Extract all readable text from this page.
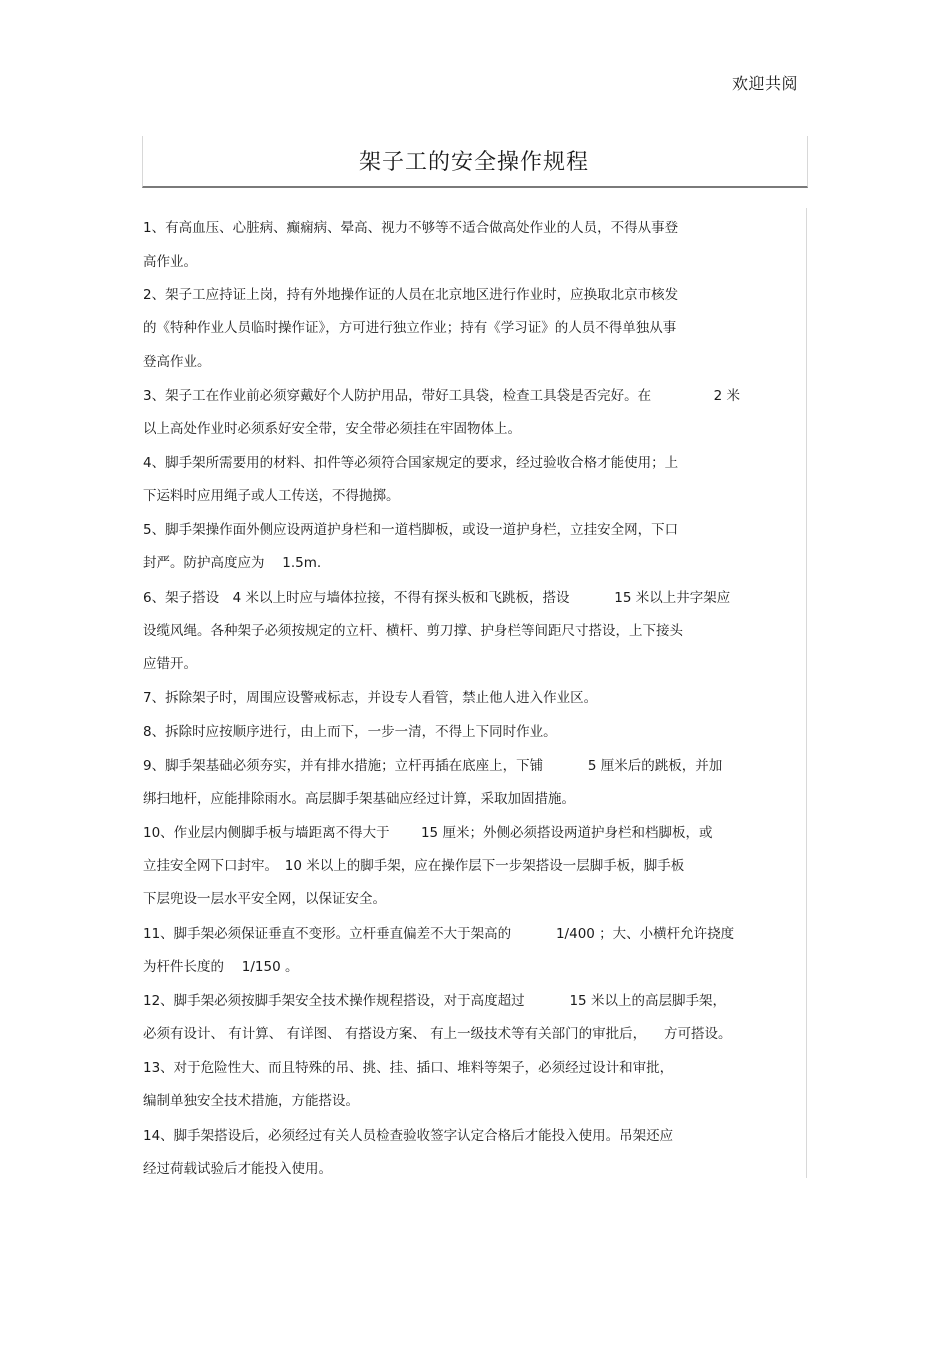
欢迎共阅
架子工的安全操作规程
1、有高血压、心脏病、癫痫病、晕高、视力不够等不适合做高处作业的人员，不得从事登
高作业。
2、架子工应持证上岗，持有外地操作证的人员在北京地区进行作业时，应换取北京市核发
的《特种作业人员临时操作证》，方可进行独立作业；持有《学习证》的人员不得单独从事
登高作业。
3、架子工在作业前必须穿戴好个人防护用品，带好工具袋，检查工具袋是否完好。在 　　　　 2 米
以上高处作业时必须系好安全带，安全带必须挂在牢固物体上。
4、脚手架所需要用的材料、扣件等必须符合国家规定的要求，经过验收合格才能使用；上
下运料时应用绳子或人工传送，不得抛掷。
5、脚手架操作面外侧应设两道护身栏和一道档脚板，或设一道护身栏，立挂安全网，下口
封严。防护高度应为　 1.5m.
6、架子搭设　4 米以上时应与墙体拉接，不得有探头板和飞跳板，搭设 　　　15 米以上井字架应
设缆风绳。各种架子必须按规定的立杆、横杆、剪刀撑、护身栏等间距尺寸搭设，上下接头
应错开。
7、拆除架子时，周围应设警戒标志，并设专人看管，禁止他人进入作业区。
8、拆除时应按顺序进行，由上而下，一步一清，不得上下同时作业。
9、脚手架基础必须夯实，并有排水措施；立杆再插在底座上，下铺 　　　5 厘米后的跳板，并加
绑扫地杆，应能排除雨水。高层脚手架基础应经过计算，采取加固措施。
10、作业层内侧脚手板与墙距离不得大于 　　15 厘米；外侧必须搭设两道护身栏和档脚板，或
立挂安全网下口封牢。　10 米以上的脚手架，应在操作层下一步架搭设一层脚手板，脚手板
下层兜设一层水平安全网，以保证安全。
11、脚手架必须保证垂直不变形。立杆垂直偏差不大于架高的 　　　1/400 ；大、小横杆允许挠度
为杆件长度的　 1/150 。
12、脚手架必须按脚手架安全技术操作规程搭设，对于高度超过 　　　15 米以上的高层脚手架，
必须有设计、 有计算、 有详图、 有搭设方案、 有上一级技术等有关部门的审批后， 　方可搭设。
13、对于危险性大、而且特殊的吊、挑、挂、插口、堆料等架子，必须经过设计和审批，
编制单独安全技术措施，方能搭设。
14、脚手架搭设后，必须经过有关人员检查验收签字认定合格后才能投入使用。吊架还应
经过荷载试验后才能投入使用。
